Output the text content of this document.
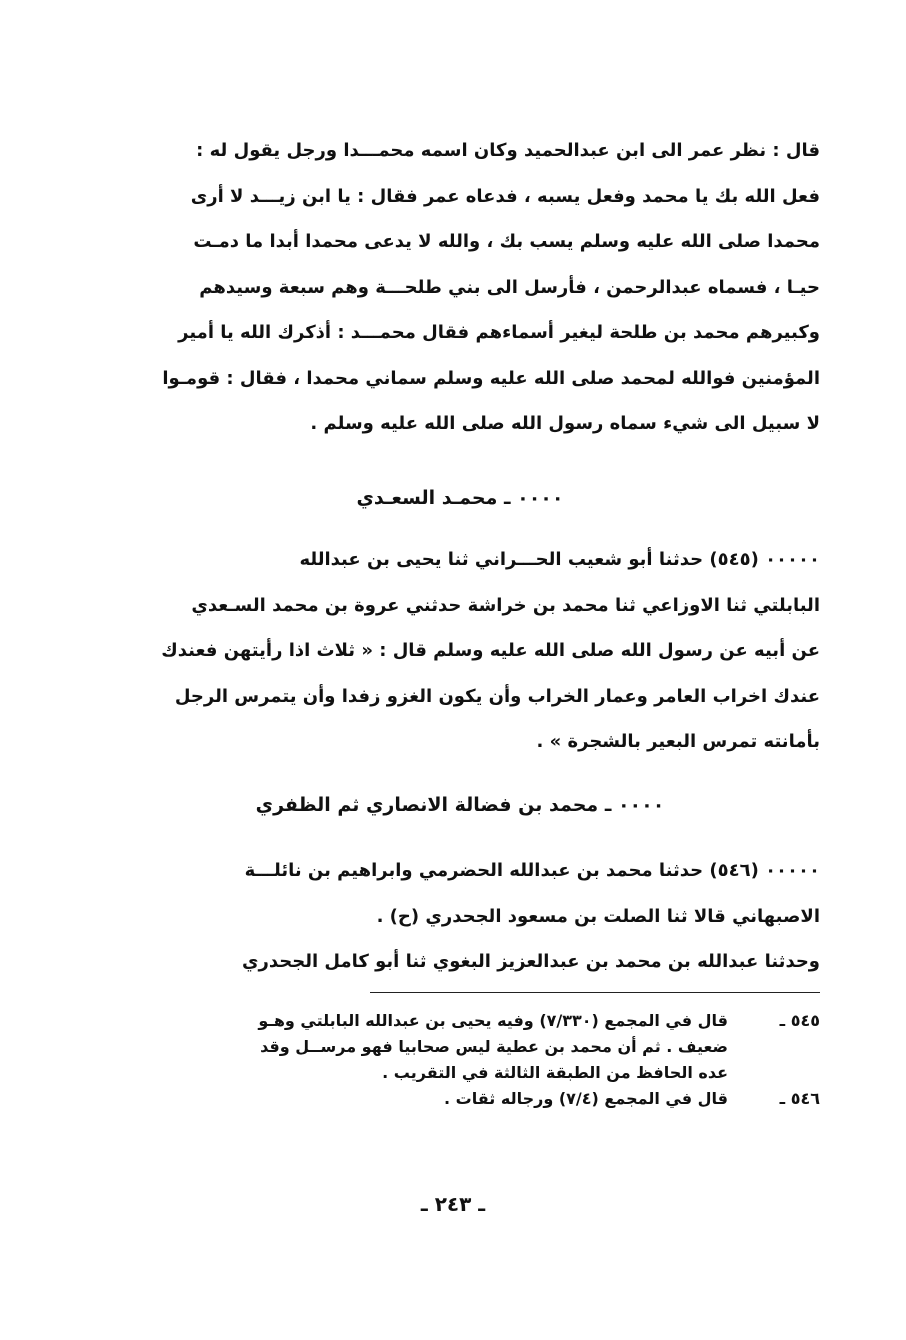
قال : نظر عمر الى ابن عبدالحميد وكان اسمه محمـــدا ورجل يقول له :
فعل الله بك يا محمد وفعل يسبه ، فدعاه عمر فقال : يا ابن زيـــد لا أرى
محمدا صلى الله عليه وسلم يسب بك ، والله لا يدعى محمدا أبدا ما دمـت
حيـا ، فسماه عبدالرحمن ، فأرسل الى بني طلحـــة وهم سبعة وسيدهم
وكبيرهم محمد بن طلحة ليغير أسماءهم فقال محمـــد : أذكرك الله يا أمير
المؤمنين فوالله لمحمد صلى الله عليه وسلم سماني محمدا ، فقال : قومـوا
لا سبيل الى شيء سماه رسول الله صلى الله عليه وسلم .
٠٠٠٠ ـ محمـد السعـدي
٠٠٠٠٠ (٥٤٥) حدثنا أبو شعيب الحـــراني ثنا يحيى بن عبدالله
البابلتي ثنا الاوزاعي ثنا محمد بن خراشة حدثني عروة بن محمد السـعدي
عن أبيه عن رسول الله صلى الله عليه وسلم قال : « ثلاث اذا رأيتهن فعندك
عندك اخراب العامر وعمار الخراب وأن يكون الغزو زفدا وأن يتمرس الرجل
بأمانته تمرس البعير بالشجرة » .
٠٠٠٠ ـ محمد بن فضالة الانصاري ثم الظفري
٠٠٠٠٠ (٥٤٦) حدثنا محمد بن عبدالله الحضرمي وابراهيم بن نائلـــة
الاصبهاني قالا ثنا الصلت بن مسعود الجحدري (ح) .
وحدثنا عبدالله بن محمد بن عبدالعزيز البغوي ثنا أبو كامل الجحدري
٥٤٥ ـ
قال في المجمع (٧/٣٣٠) وفيه يحيى بن عبدالله البابلتي وهـو
ضعيف . ثم أن محمد بن عطية ليس صحابيا فهو مرســل وقد
عده الحافظ من الطبقة الثالثة في التقريب .
٥٤٦ ـ
قال في المجمع (٧/٤) ورجاله ثقات .
ـ ٢٤٣ ـ
